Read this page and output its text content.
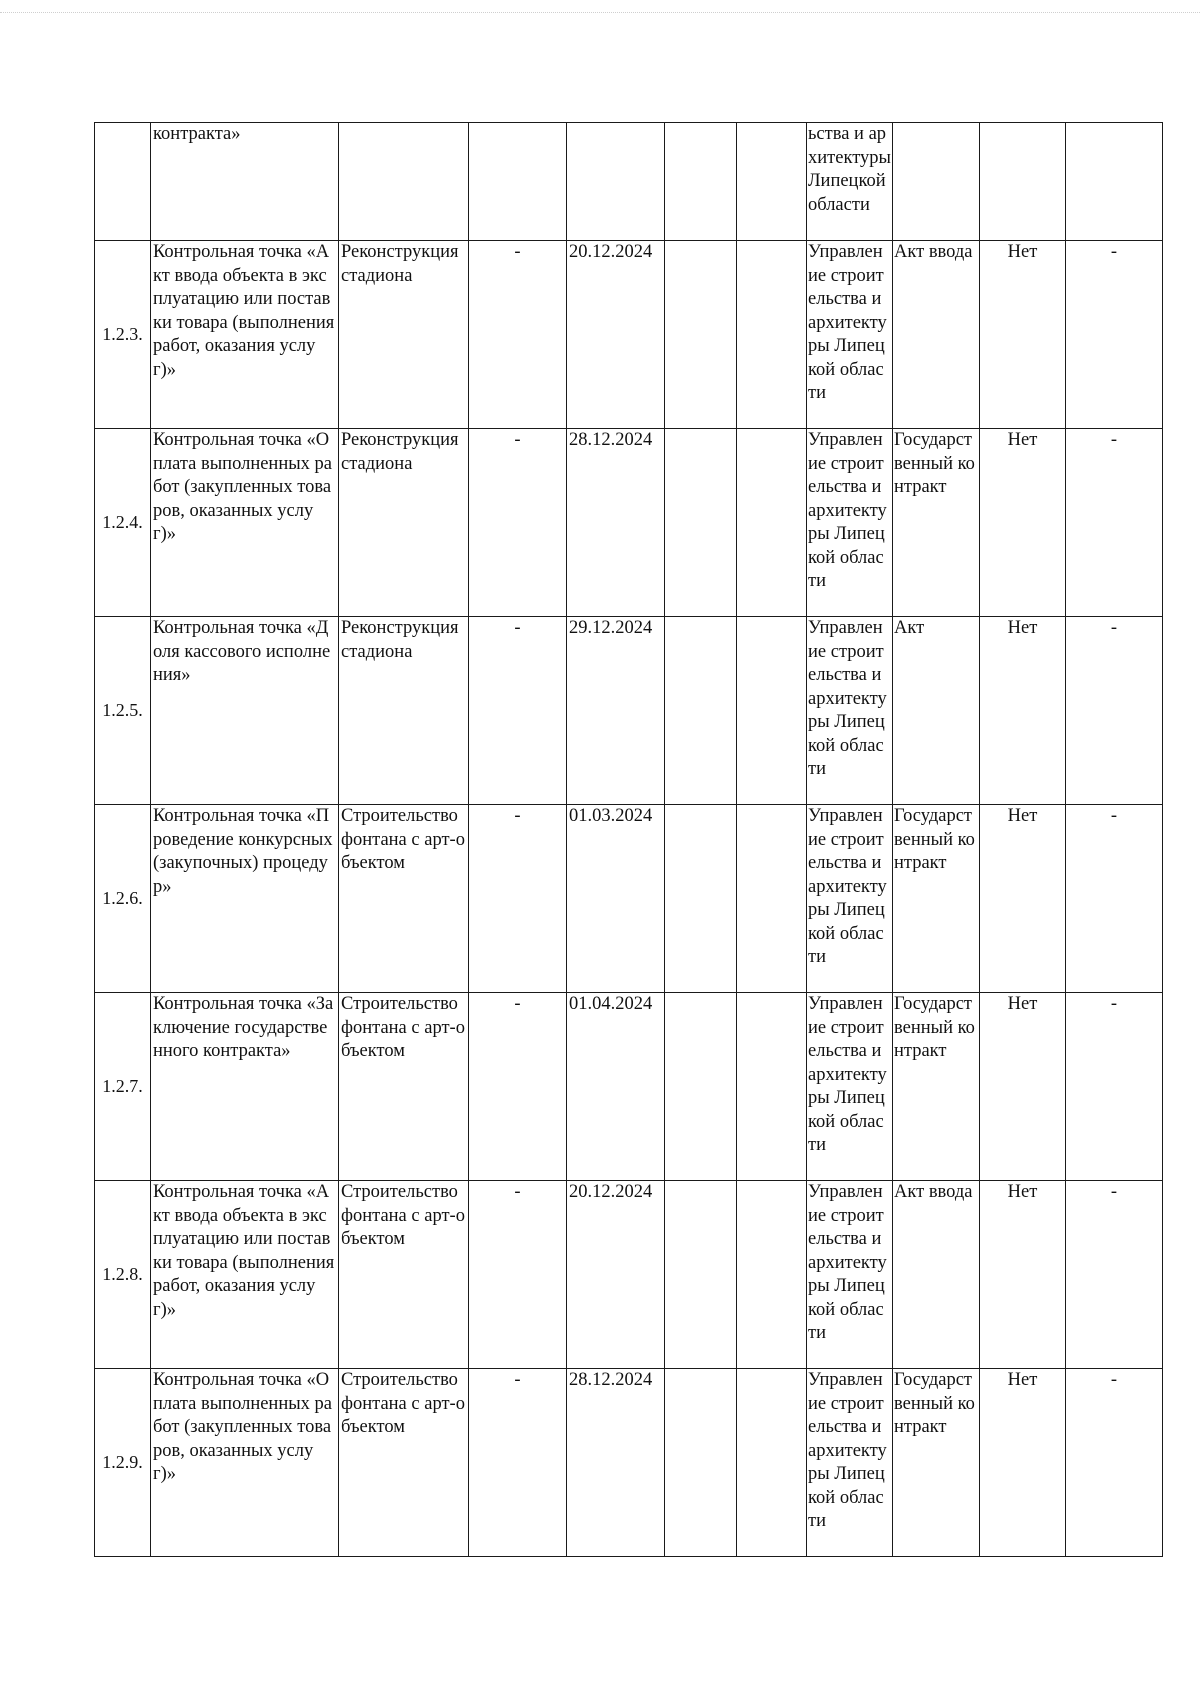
	контракта»						ьства и архитектуры Липецкой области			
1.2.3.	Контрольная точка «Акт ввода объекта в эксплуатацию или поставки товара (выполнения работ, оказания услуг)»	Реконструкция стадиона	-	20.12.2024			Управление строительства и архитектуры Липецкой области	Акт ввода	Нет	-
1.2.4.	Контрольная точка «Оплата выполненных работ (закупленных товаров, оказанных услуг)»	Реконструкция стадиона	-	28.12.2024			Управление строительства и архитектуры Липецкой области	Государственный контракт	Нет	-
1.2.5.	Контрольная точка «Доля кассового исполнения»	Реконструкция стадиона	-	29.12.2024			Управление строительства и архитектуры Липецкой области	Акт	Нет	-
1.2.6.	Контрольная точка «Проведение конкурсных (закупочных) процедур»	Строительство фонтана с арт-объектом	-	01.03.2024			Управление строительства и архитектуры Липецкой области	Государственный контракт	Нет	-
1.2.7.	Контрольная точка «Заключение государственного контракта»	Строительство фонтана с арт-объектом	-	01.04.2024			Управление строительства и архитектуры Липецкой области	Государственный контракт	Нет	-
1.2.8.	Контрольная точка «Акт ввода объекта в эксплуатацию или поставки товара (выполнения работ, оказания услуг)»	Строительство фонтана с арт-объектом	-	20.12.2024			Управление строительства и архитектуры Липецкой области	Акт ввода	Нет	-
1.2.9.	Контрольная точка «Оплата выполненных работ (закупленных товаров, оказанных услуг)»	Строительство фонтана с арт-объектом	-	28.12.2024			Управление строительства и архитектуры Липецкой области	Государственный контракт	Нет	-
